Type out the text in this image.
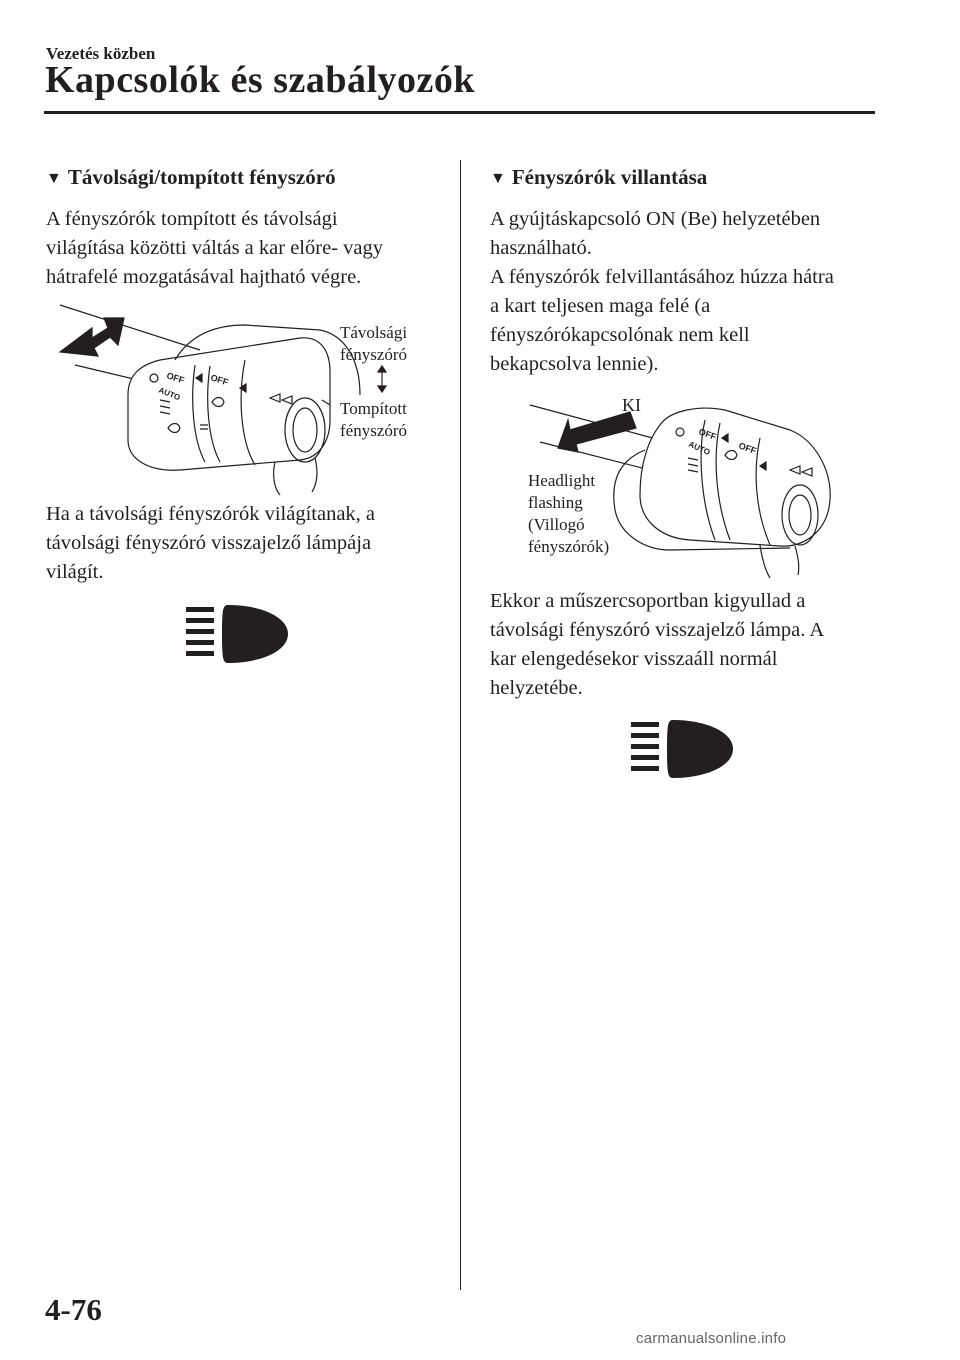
Vezetés közben
Kapcsolók és szabályozók
▼ Távolsági/tompított fényszóró

A fényszórók tompított és távolsági

világítása közötti váltás a kar előre- vagy

hátrafelé mozgatásával hajtható végre.

OFF	OFF
AUTO
Távolsági
fényszóró
Tompított
fényszóró

Ha a távolsági fényszórók világítanak, a

távolsági fényszóró visszajelző lámpája

világít.

▼ Fényszórók villantása

A gyújtáskapcsoló ON (Be) helyzetében

használható.

A fényszórók felvillantásához húzza hátra

a kart teljesen maga felé (a

fényszórókapcsolónak nem kell

bekapcsolva lennie).

OFF
OFF
AUTO
KI
Headlight
flashing
(Villogó
fényszórók)

Ekkor a műszercsoportban kigyullad a

távolsági fényszóró visszajelző lámpa. A

kar elengedésekor visszaáll normál

helyzetébe.

4-76
carmanualsonline.info
